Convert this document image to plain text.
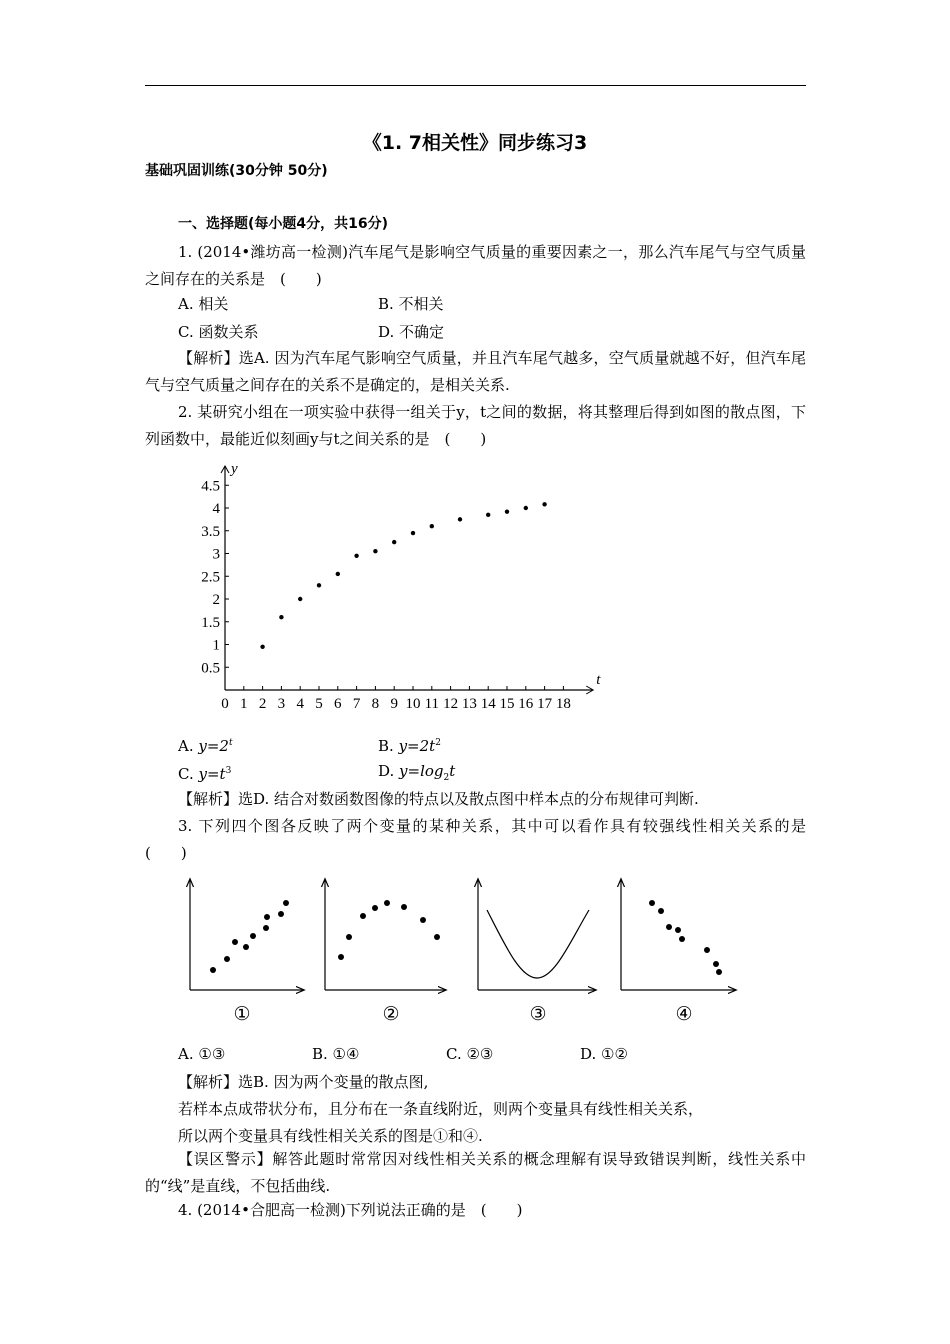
《1. 7相关性》同步练习3
基础巩固训练(30分钟 50分)
一、选择题(每小题4分，共16分)
1. (2014•潍坊高一检测)汽车尾气是影响空气质量的重要因素之一，那么汽车尾气与空气质量之间存在的关系是　(　　)
A. 相关	B. 不相关
C. 函数关系	D. 不确定
【解析】选A. 因为汽车尾气影响空气质量，并且汽车尾气越多，空气质量就越不好，但汽车尾气与空气质量之间存在的关系不是确定的，是相关关系.
2. 某研究小组在一项实验中获得一组关于y，t之间的数据，将其整理后得到如图的散点图，下列函数中，最能近似刻画y与t之间关系的是　(　　)
0 1 2 3 4 5 6 7 8 9 10 11 12 13 14 15 16 17 18
0.5
1
1.5
2
2.5
3
3.5
4
4.5
t
y
A. $y=2^t$	B. $y=2t^2$
C. $y=t^3$	D. $y=\log_2t$
【解析】选D. 结合对数函数图像的特点以及散点图中样本点的分布规律可判断.
3. 下列四个图各反映了两个变量的某种关系，其中可以看作具有较强线性相关关系的是　(　　)
①	②	③	④
A. ①③	B. ①④	C. ②③	D. ①②
【解析】选B. 因为两个变量的散点图,
若样本点成带状分布，且分布在一条直线附近，则两个变量具有线性相关关系，
所以两个变量具有线性相关关系的图是①和④.
【误区警示】解答此题时常常因对线性相关关系的概念理解有误导致错误判断，线性关系中的“线”是直线，不包括曲线.
4. (2014•合肥高一检测)下列说法正确的是　(　　)
